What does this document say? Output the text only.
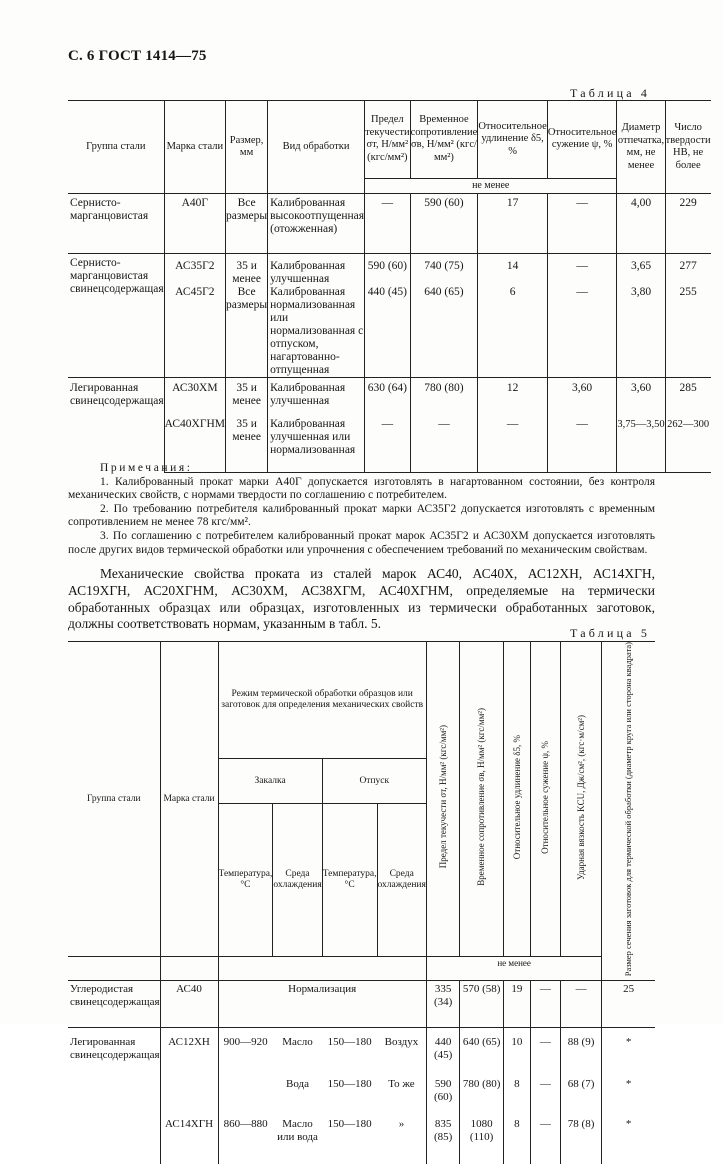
С. 6 ГОСТ 1414—75
Таблица 4
Группа стали	Марка стали	Размер, мм	Вид обработки	Предел текучести σт, Н/мм² (кгс/мм²)	Временное сопротивление σв, Н/мм² (кгс/мм²)	Относительное удлинение δ5, %	Относительное сужение ψ, %	Диаметр отпечатка, мм, не менее	Число твердости НВ, не более
				не менее					
Сернисто-марганцовистая	А40Г	Все размеры	Калиброванная высокоотпущенная (отожженная)	—	590 (60)	17	—	4,00	229
Сернисто-марганцовистая свинецсодержащая	АС35Г2	35 и менее	Калиброванная улучшенная	590 (60)	740 (75)	14	—	3,65	277
	АС45Г2	Все размеры	Калиброванная нормализованная или нормализованная с отпуском, нагартованно-отпущенная	440 (45)	640 (65)	6	—	3,80	255
Легированная свинецсодержащая	АС30ХМ	35 и менее	Калиброванная улучшенная	630 (64)	780 (80)	12	3,60	3,60	285
	АС40ХГНМ	35 и менее	Калиброванная улучшенная или нормализованная	—	—	—	—	3,75—3,50	262—300

Примечания:

1. Калиброванный прокат марки А40Г допускается изготовлять в нагартованном состоянии, без контроля механических свойств, с нормами твердости по соглашению с потребителем.

2. По требованию потребителя калиброванный прокат марки АС35Г2 допускается изготовлять с временным сопротивлением не менее 78 кгс/мм².

3. По соглашению с потребителем калиброванный прокат марок АС35Г2 и АС30ХМ допускается изготовлять после других видов термической обработки или упрочнения с обеспечением требований по механическим свойствам.

Механические свойства проката из сталей марок АС40, АС40Х, АС12ХН, АС14ХГН, АС19ХГН, АС20ХГНМ, АС30ХМ, АС38ХГМ, АС40ХГНМ, определяемые на термически обработанных образцах или образцах, изготовленных из термически обработанных заготовок, должны соответствовать нормам, указанным в табл. 5.

Таблица 5
Группа стали	Марка стали	Режим термической обработки образцов или заготовок для определения механических свойств				Предел текучести σт, Н/мм² (кгс/мм²)	Временное сопротивление σв, Н/мм² (кгс/мм²)	Относительное удлинение δ5, %	Относительное сужение ψ, %	Ударная вязкость KCU, Дж/см², (кгс·м/см²)	Размер сечения заготовок для термической обработки (диаметр круга или сторона квадрата)
		Закалка		Отпуск							
		Температура, °С	Среда охлаждения	Температура, °С	Среда охлаждения						
						не менее					
Углеродистая свинецсодержащая	АС40	Нормализация				335 (34)	570 (58)	19	—	—	25
Легированная свинецсодержащая	АС12ХН	900—920	Масло	150—180	Воздух	440 (45)	640 (65)	10	—	88 (9)	*
			Вода	150—180	То же	590 (60)	780 (80)	8	—	68 (7)	*
	АС14ХГН	860—880	Масло или вода	150—180	»	835 (85)	1080 (110)	8	—	78 (8)	*
